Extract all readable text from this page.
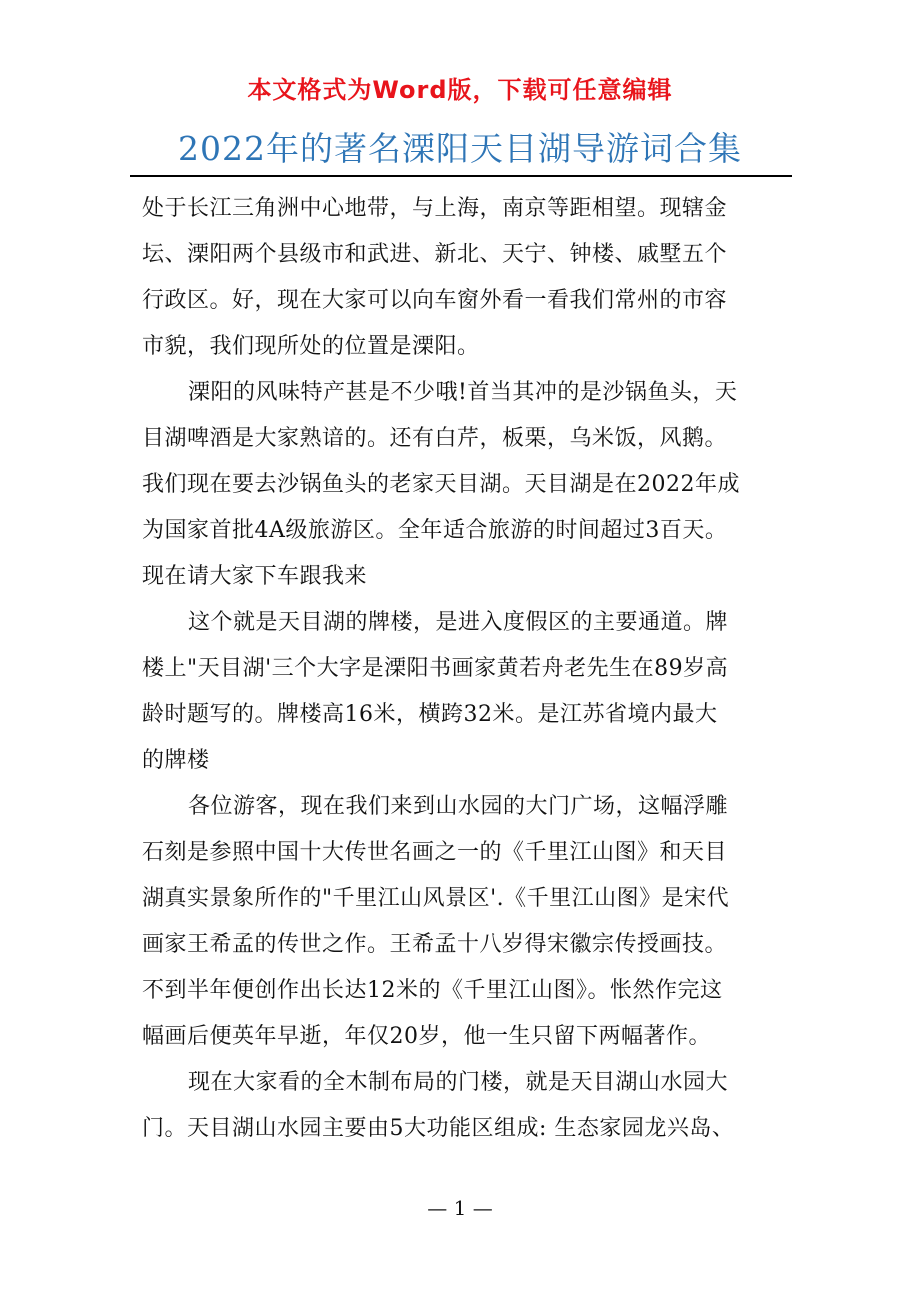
本文格式为Word版，下载可任意编辑
2022年的著名溧阳天目湖导游词合集
处于长江三角洲中心地带，与上海，南京等距相望。现辖金
坛、溧阳两个县级市和武进、新北、天宁、钟楼、戚墅五个
行政区。好，现在大家可以向车窗外看一看我们常州的市容
市貌，我们现所处的位置是溧阳。
溧阳的风味特产甚是不少哦!首当其冲的是沙锅鱼头，天
目湖啤酒是大家熟谙的。还有白芹，板栗，乌米饭，风鹅。
我们现在要去沙锅鱼头的老家天目湖。天目湖是在2022年成
为国家首批4A级旅游区。全年适合旅游的时间超过3百天。
现在请大家下车跟我来
这个就是天目湖的牌楼，是进入度假区的主要通道。牌
楼上"天目湖'三个大字是溧阳书画家黄若舟老先生在89岁高
龄时题写的。牌楼高16米，横跨32米。是江苏省境内最大
的牌楼
各位游客，现在我们来到山水园的大门广场，这幅浮雕
石刻是参照中国十大传世名画之一的《千里江山图》和天目
湖真实景象所作的"千里江山风景区'.《千里江山图》是宋代
画家王希孟的传世之作。王希孟十八岁得宋徽宗传授画技。
不到半年便创作出长达12米的《千里江山图》。怅然作完这
幅画后便英年早逝，年仅20岁，他一生只留下两幅著作。
现在大家看的全木制布局的门楼，就是天目湖山水园大
门。天目湖山水园主要由5大功能区组成: 生态家园龙兴岛、
— 1 —
